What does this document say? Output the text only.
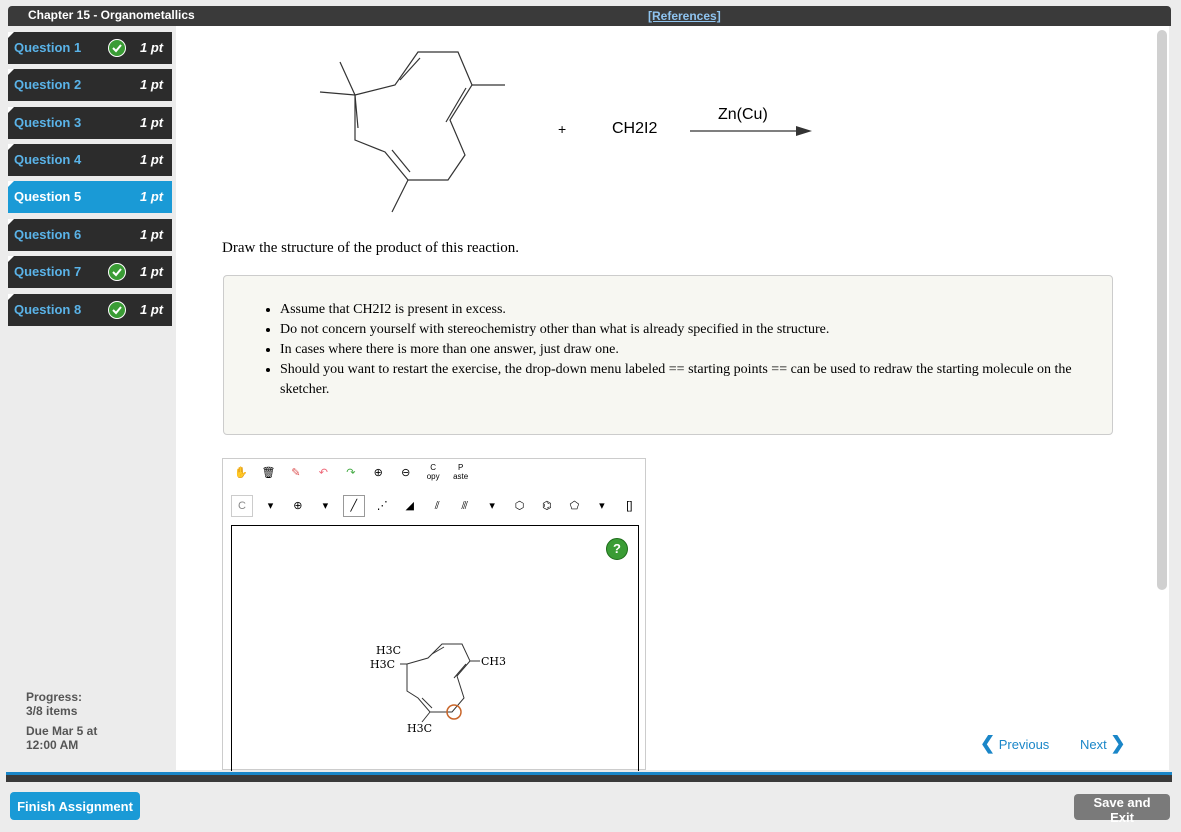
Chapter 15 - Organometallics	[References]
Question 1	1 pt
Question 2	1 pt
Question 3	1 pt
Question 4	1 pt
Question 5	1 pt
Question 6	1 pt
Question 7	1 pt
Question 8	1 pt
Progress:
3/8 items
Due Mar 5 at
12:00 AM
+	CH2I2
Zn(Cu)
Draw the structure of the product of this reaction.
• Assume that CH2I2 is present in excess.
• Do not concern yourself with stereochemistry other than what is already specified in the structure.
• In cases where there is more than one answer, just draw one.
• Should you want to restart the exercise, the drop-down menu labeled == starting points == can be used to redraw the starting molecule on the sketcher.
✋ 🗑 ✎ ↶ ↷ ⊕ ⊖ C opy P aste
C ▾ ⊕ ▾ ╱ ⋰ ◢ ⫽ ⫻ ▾ ⬡ ⌬ ⬠ ▾ []
?
H3C
H3C	CH3
H3C
❮ Previous Next ❯
Finish Assignment	Save and Exit
